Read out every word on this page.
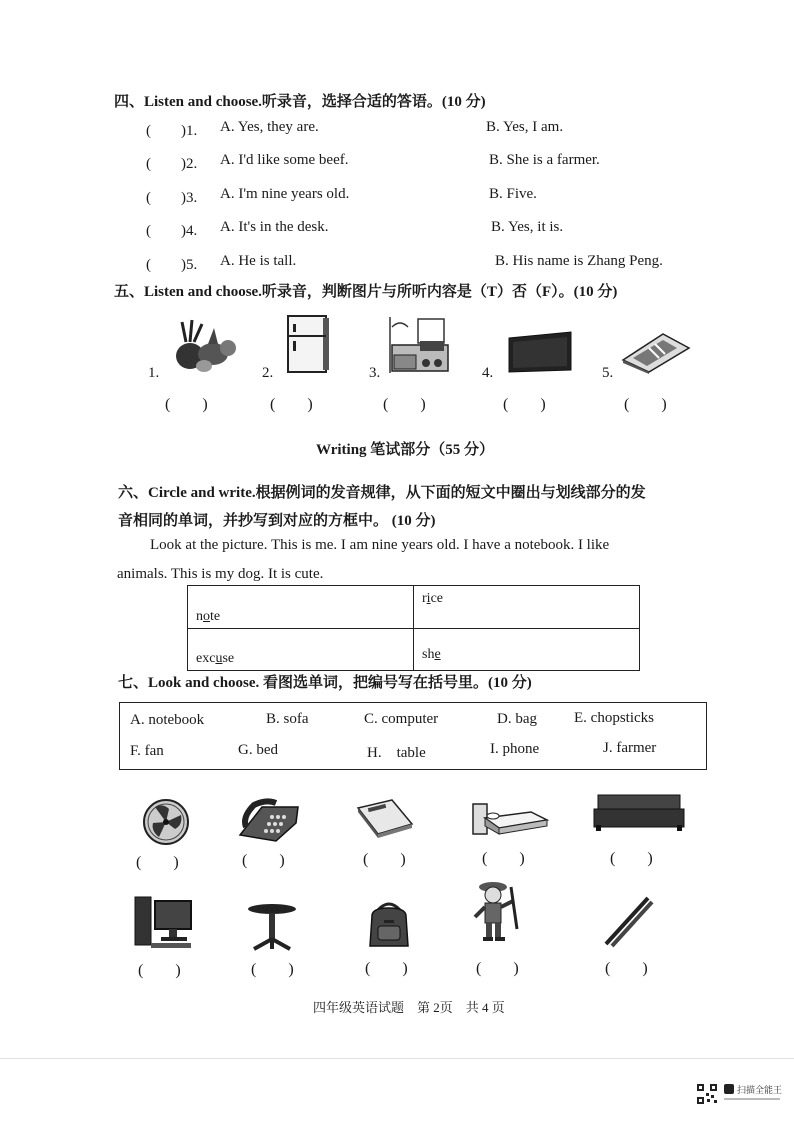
四、Listen and choose.听录音，选择合适的答语。(10 分)
(　　)1. A. Yes, they are.	B. Yes, I am.
(　　)2. A. I'd like some beef.	B. She is a farmer.
(　　)3. A. I'm nine years old.	B. Five.
(　　)4. A. It's in the desk.	B. Yes, it is.
(　　)5. A. He is tall.	B. His name is Zhang Peng.
五、Listen and choose.听录音，判断图片与所听内容是（T）否（F）。(10 分)
1.	2.	3.	4.	5.
(　　)	(　　)	(　　)	(　　)	(　　)
Writing 笔试部分（55 分）
六、Circle and write.根据例词的发音规律，从下面的短文中圈出与划线部分的发
音相同的单词，并抄写到对应的方框中。 (10 分)
Look at the picture. This is me. I am nine years old. I have a notebook. I like
animals. This is my dog. It is cute.
note	rice
excuse	she
七、Look and choose. 看图选单词，把编号写在括号里。(10 分)
A. notebook	B. sofa	C. computer	D. bag E. chopsticks
F. fan	G. bed	H.　table	I. phone	J. farmer
(　　)	(　　)	(　　)	(　　)	(　　)
(　　)	(　　)	(　　)	(　　)	(　　)
四年级英语试题　第 2页　共 4 页
扫描全能王
